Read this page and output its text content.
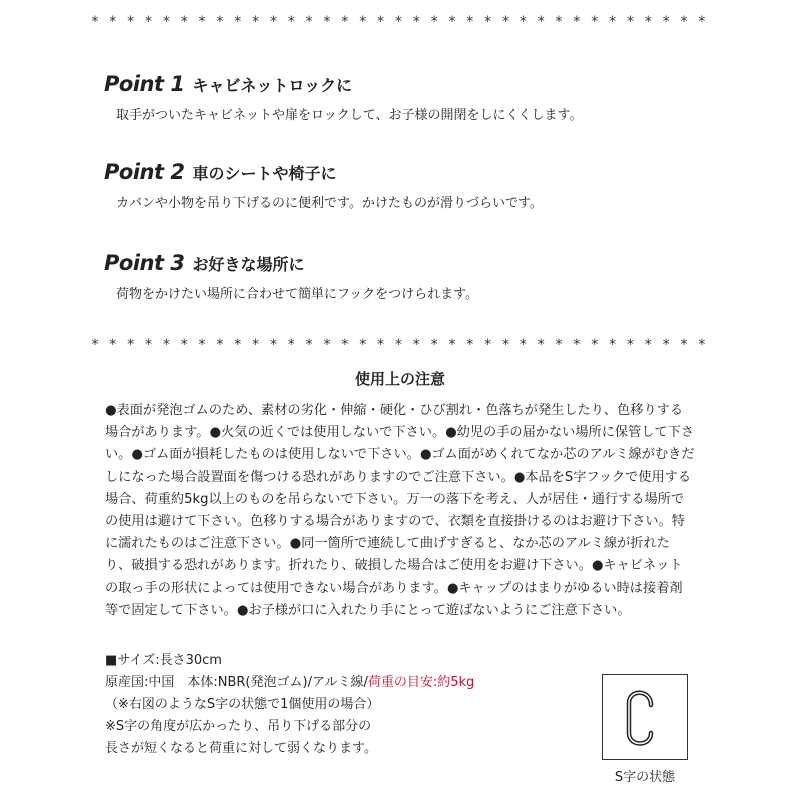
* * * * * * * * * * * * * * * * * * * * * * * * * * * * * * * * * * *
Point 1 キャビネットロックに
取手がついたキャビネットや扉をロックして、お子様の開閉をしにくくします。
Point 2 車のシートや椅子に
カバンや小物を吊り下げるのに便利です。かけたものが滑りづらいです。
Point 3 お好きな場所に
荷物をかけたい場所に合わせて簡単にフックをつけられます。
* * * * * * * * * * * * * * * * * * * * * * * * * * * * * * * * * * *
使用上の注意
●表面が発泡ゴムのため、素材の劣化・伸縮・硬化・ひび割れ・色落ちが発生したり、色移りする場合があります。●火気の近くでは使用しないで下さい。●幼児の手の届かない場所に保管して下さい。●ゴム面が損耗したものは使用しないで下さい。●ゴム面がめくれてなか芯のアルミ線がむきだしになった場合設置面を傷つける恐れがありますのでご注意下さい。●本品をS字フックで使用する場合、荷重約5kg以上のものを吊らないで下さい。万一の落下を考え、人が居住・通行する場所での使用は避けて下さい。色移りする場合がありますので、衣類を直接掛けるのはお避け下さい。特に濡れたものはご注意下さい。●同一箇所で連続して曲げすぎると、なか芯のアルミ線が折れたり、破損する恐れがあります。折れたり、破損した場合はご使用をお避け下さい。●キャビネットの取っ手の形状によっては使用できない場合があります。●キャップのはまりがゆるい時は接着剤等で固定して下さい。●お子様が口に入れたり手にとって遊ばないようにご注意下さい。
■サイズ:長さ30cm
原産国:中国　本体:NBR(発泡ゴム)/アルミ線/荷重の目安:約5kg
（※右図のようなS字の状態で1個使用の場合）
※S字の角度が広かったり、吊り下げる部分の
長さが短くなると荷重に対して弱くなります。
S字の状態
